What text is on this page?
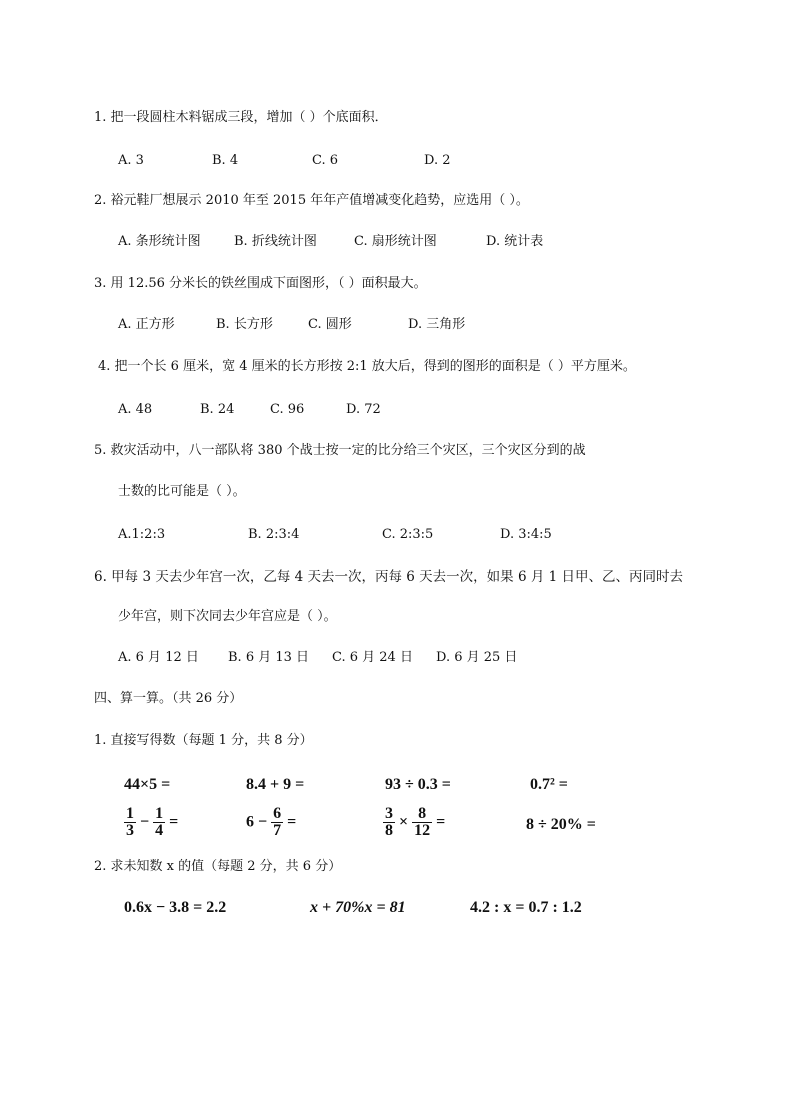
1. 把一段圆柱木料锯成三段，增加（ ）个底面积．
A. 3	B. 4	C. 6	D. 2
2. 裕元鞋厂想展示 2010 年至 2015 年年产值增减变化趋势，应选用（ ）。
A. 条形统计图	B. 折线统计图	C. 扇形统计图	D. 统计表
3. 用 12.56 分米长的铁丝围成下面图形，（ ）面积最大。
A. 正方形	B. 长方形	C. 圆形	D. 三角形
4. 把一个长 6 厘米，宽 4 厘米的长方形按 2:1 放大后，得到的图形的面积是（ ）平方厘米。
A. 48	B. 24	C. 96	D. 72
5. 救灾活动中，八一部队将 380 个战士按一定的比分给三个灾区，三个灾区分到的战
士数的比可能是（ ）。
A.1:2:3	B. 2:3:4	C. 2:3:5	D. 3:4:5
6. 甲每 3 天去少年宫一次，乙每 4 天去一次，丙每 6 天去一次，如果 6 月 1 日甲、乙、丙同时去
少年宫，则下次同去少年宫应是（ ）。
A. 6 月 12 日 B. 6 月 13 日 C. 6 月 24 日 D. 6 月 25 日
四、算一算。（共 26 分）
1. 直接写得数（每题 1 分，共 8 分）
44×5 =	8.4 + 9 =	93 ÷ 0.3 =	0.7² =
$\frac{1}{3} - \frac{1}{4}$ =	$6 - \frac{6}{7}$ =	$\frac{3}{8} \times \frac{8}{12}$ =	8 ÷ 20% =
2. 求未知数 x 的值（每题 2 分，共 6 分）
0.6x − 3.8 = 2.2	x + 70%x = 81	4.2 : x = 0.7 : 1.2
